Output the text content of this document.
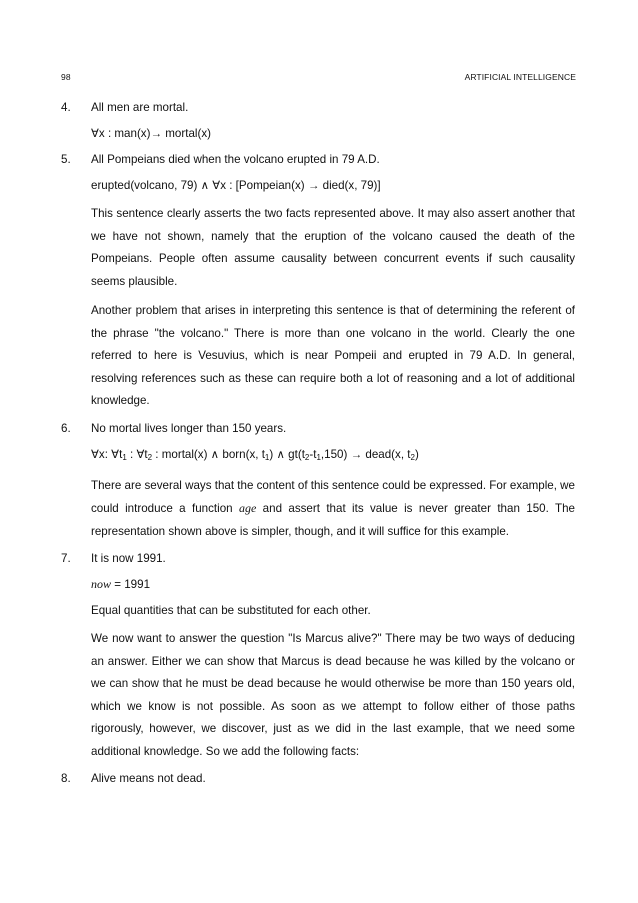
98	ARTIFICIAL INTELLIGENCE
4.	All men are mortal.

∀x : man(x)→ mortal(x)

5.	All Pompeians died when the volcano erupted in 79 A.D.

erupted(volcano, 79) ∧ ∀x : [Pompeian(x) → died(x, 79)]

This sentence clearly asserts the two facts represented above. It may also assert another that we have not shown, namely that the eruption of the volcano caused the death of the Pompeians. People often assume causality between concurrent events if such causality seems plausible.

Another problem that arises in interpreting this sentence is that of determining the referent of the phrase "the volcano." There is more than one volcano in the world. Clearly the one referred to here is Vesuvius, which is near Pompeii and erupted in 79 A.D. In general, resolving references such as these can require both a lot of reasoning and a lot of additional knowledge.

6.	No mortal lives longer than 150 years.

∀x: ∀t1 : ∀t2 : mortal(x) ∧ born(x, t1) ∧ gt(t2-t1,150) → dead(x, t2)

There are several ways that the content of this sentence could be expressed. For example, we could introduce a function age and assert that its value is never greater than 150. The representation shown above is simpler, though, and it will suffice for this example.

7.	It is now 1991.

now = 1991

Equal quantities that can be substituted for each other.

We now want to answer the question "Is Marcus alive?" There may be two ways of deducing an answer. Either we can show that Marcus is dead because he was killed by the volcano or we can show that he must be dead because he would otherwise be more than 150 years old, which we know is not possible. As soon as we attempt to follow either of those paths rigorously, however, we discover, just as we did in the last example, that we need some additional knowledge. So we add the following facts:

8.	Alive means not dead.
